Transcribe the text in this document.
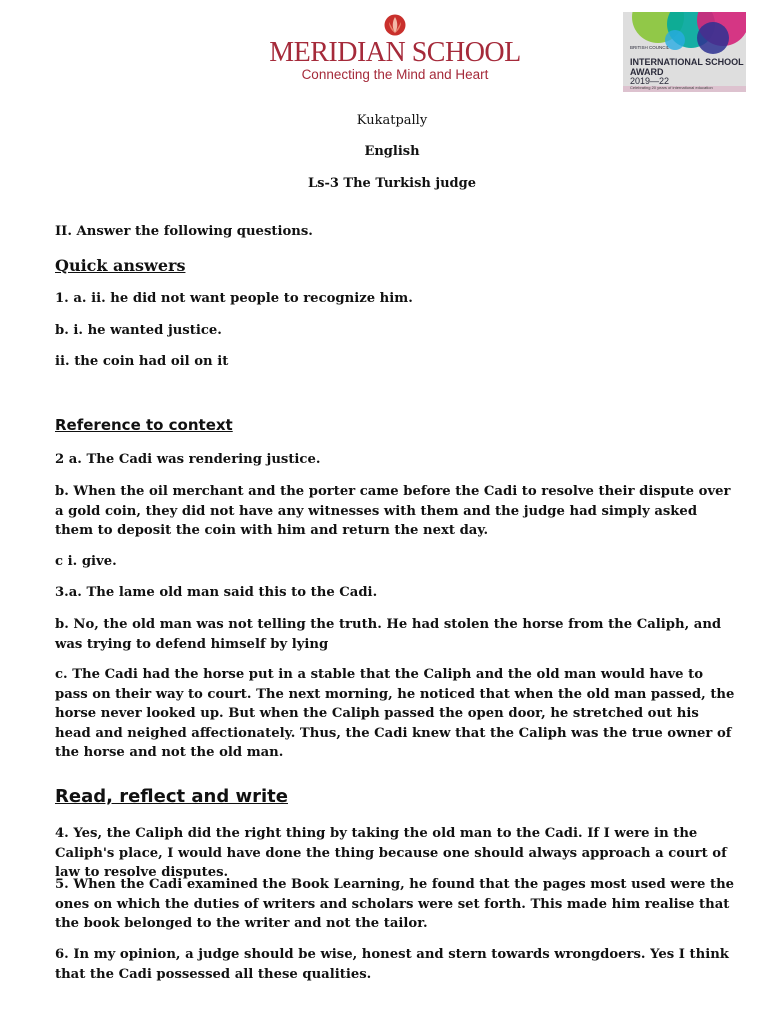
MERIDIAN SCHOOL
Connecting the Mind and Heart
BRITISH COUNCIL
INTERNATIONAL SCHOOL AWARD
2019—22
Celebrating 20 years of international education
Kukatpally
English
Ls-3 The Turkish judge
II. Answer the following questions.
Quick answers
1. a. ii. he did not want people to recognize him.
b. i. he wanted justice.
ii. the coin had oil on it
Reference to context
2 a. The Cadi was rendering justice.
b. When the oil merchant and the porter came before the Cadi to resolve their dispute over a gold coin, they did not have any witnesses with them and the judge had simply asked them to deposit the coin with him and return the next day.
c i. give.
3.a. The lame old man said this to the Cadi.
b. No, the old man was not telling the truth. He had stolen the horse from the Caliph, and was trying to defend himself by lying
c. The Cadi had the horse put in a stable that the Caliph and the old man would have to pass on their way to court. The next morning, he noticed that when the old man passed, the horse never looked up. But when the Caliph passed the open door, he stretched out his head and neighed affectionately. Thus, the Cadi knew that the Caliph was the true owner of the horse and not the old man.
Read, reflect and write
4. Yes, the Caliph did the right thing by taking the old man to the Cadi. If I were in the Caliph's place, I would have done the thing because one should always approach a court of law to resolve disputes.
5. When the Cadi examined the Book Learning, he found that the pages most used were the ones on which the duties of writers and scholars were set forth. This made him realise that the book belonged to the writer and not the tailor.
6. In my opinion, a judge should be wise, honest and stern towards wrongdoers. Yes I think that the Cadi possessed all these qualities.
